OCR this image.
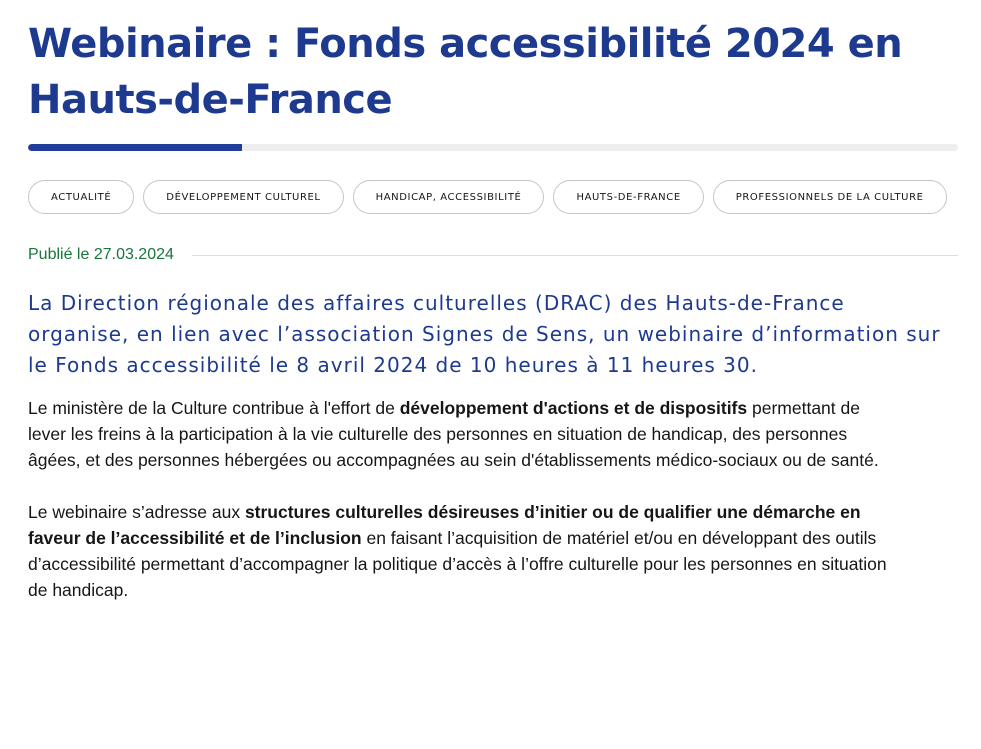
Webinaire : Fonds accessibilité 2024 en Hauts-de-France
ACTUALITÉ	DÉVELOPPEMENT CULTUREL	HANDICAP, ACCESSIBILITÉ	HAUTS-DE-FRANCE	PROFESSIONNELS DE LA CULTURE
Publié le 27.03.2024

La Direction régionale des affaires culturelles (DRAC) des Hauts-de-France organise, en lien avec l’association Signes de Sens, un webinaire d’information sur le Fonds accessibilité le 8 avril 2024 de 10 heures à 11 heures 30.

Le ministère de la Culture contribue à l'effort de développement d'actions et de dispositifs permettant de lever les freins à la participation à la vie culturelle des personnes en situation de handicap, des personnes âgées, et des personnes hébergées ou accompagnées au sein d'établissements médico-sociaux ou de santé.

Le webinaire s’adresse aux structures culturelles désireuses d’initier ou de qualifier une démarche en faveur de l’accessibilité et de l’inclusion en faisant l’acquisition de matériel et/ou en développant des outils d’accessibilité permettant d’accompagner la politique d’accès à l’offre culturelle pour les personnes en situation de handicap.
